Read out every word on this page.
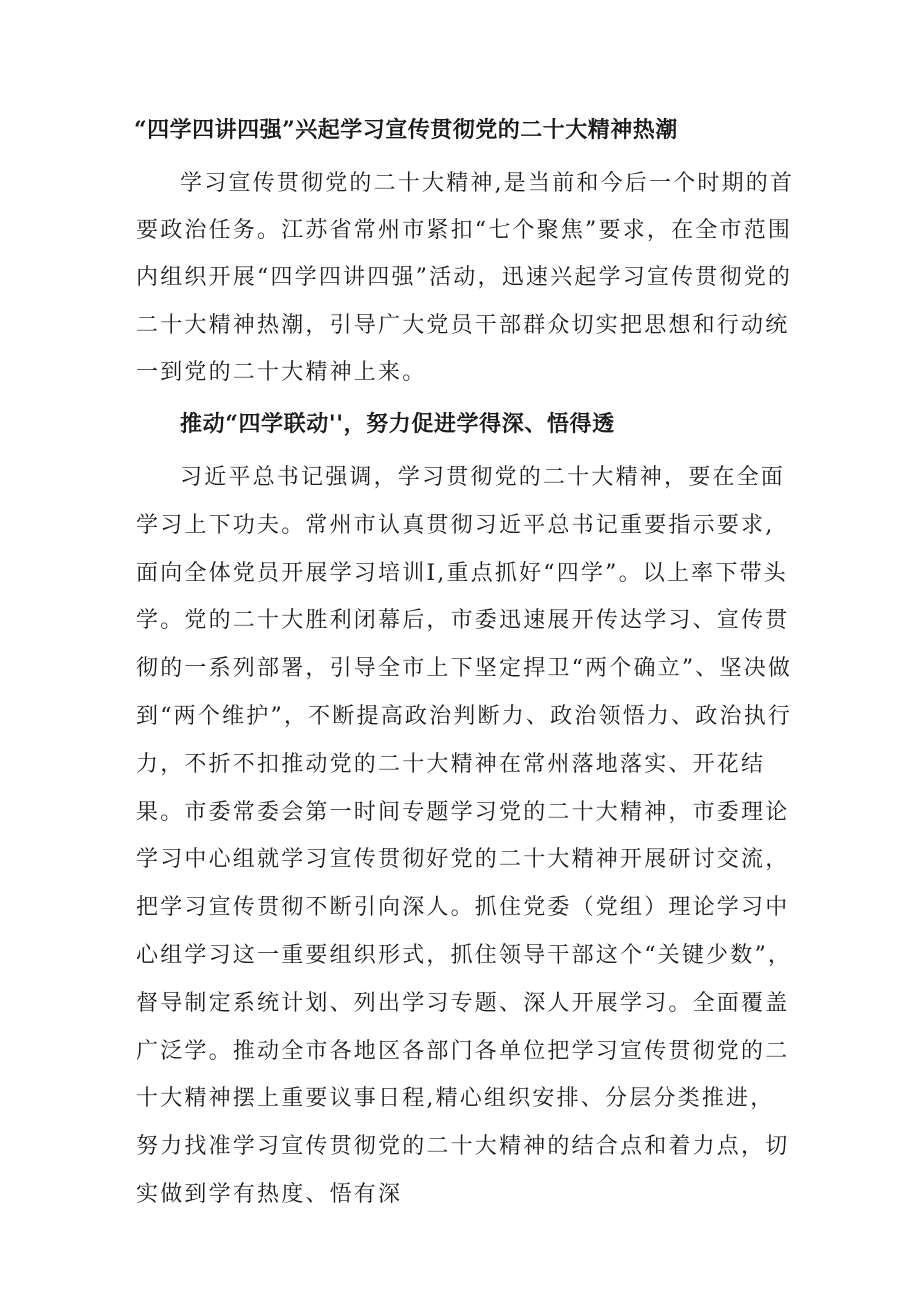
“四学四讲四强”兴起学习宣传贯彻党的二十大精神热潮

学习宣传贯彻党的二十大精神,是当前和今后一个时期的首要政治任务。江苏省常州市紧扣“七个聚焦”要求，在全市范围内组织开展“四学四讲四强”活动，迅速兴起学习宣传贯彻党的二十大精神热潮，引导广大党员干部群众切实把思想和行动统一到党的二十大精神上来。

推动“四学联动''，努力促进学得深、悟得透

习近平总书记强调，学习贯彻党的二十大精神，要在全面学习上下功夫。常州市认真贯彻习近平总书记重要指示要求,面向全体党员开展学习培训I,重点抓好“四学”。以上率下带头学。党的二十大胜利闭幕后，市委迅速展开传达学习、宣传贯彻的一系列部署，引导全市上下坚定捍卫“两个确立”、坚决做到“两个维护”，不断提高政治判断力、政治领悟力、政治执行力，不折不扣推动党的二十大精神在常州落地落实、开花结果。市委常委会第一时间专题学习党的二十大精神，市委理论学习中心组就学习宣传贯彻好党的二十大精神开展研讨交流，把学习宣传贯彻不断引向深人。抓住党委（党组）理论学习中心组学习这一重要组织形式，抓住领导干部这个“关键少数”，督导制定系统计划、列出学习专题、深人开展学习。全面覆盖广泛学。推动全市各地区各部门各单位把学习宣传贯彻党的二十大精神摆上重要议事日程,精心组织安排、分层分类推进，努力找准学习宣传贯彻党的二十大精神的结合点和着力点，切实做到学有热度、悟有深
